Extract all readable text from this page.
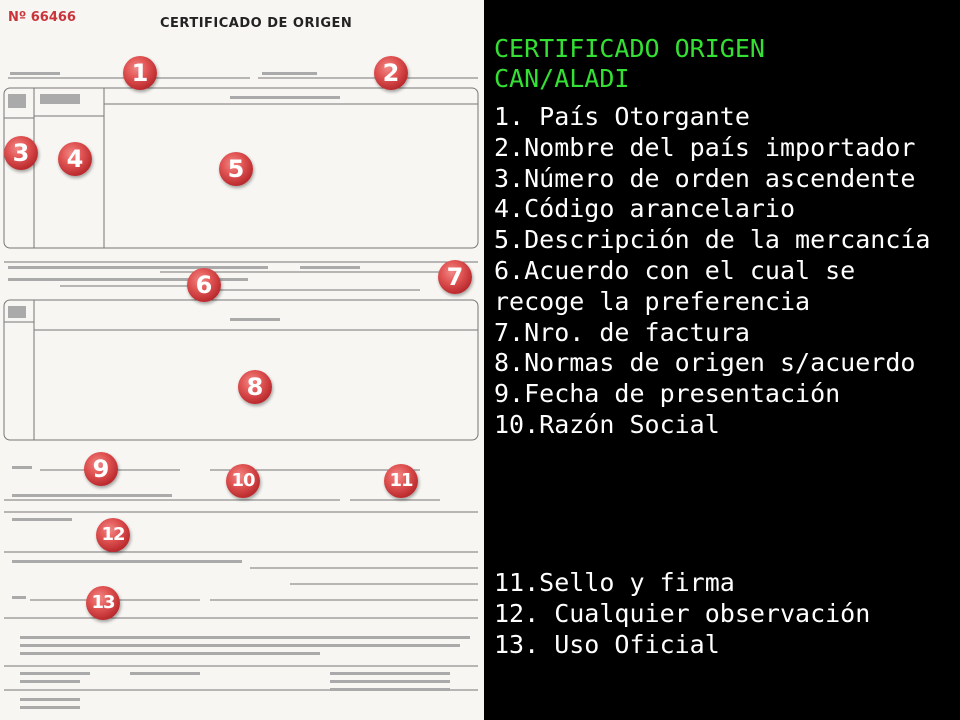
Nº 66466	CERTIFICADO DE ORIGEN
1	2
3	4	5
6	7
8
9	10	11
12
13
CERTIFICADO ORIGEN CAN/ALADI
1. País Otorgante
2.Nombre del país importador
3.Número de orden ascendente
4.Código arancelario
5.Descripción de la mercancía
6.Acuerdo con el cual se recoge la preferencia
7.Nro. de factura
8.Normas de origen s/acuerdo
9.Fecha de presentación
10.Razón Social
11.Sello y firma
12. Cualquier observación
13. Uso Oficial
